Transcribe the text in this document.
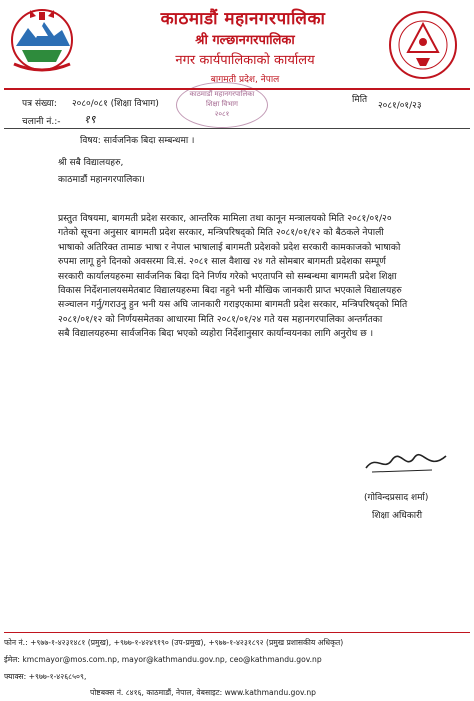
काठमाडौं महानगरपालिका
श्री गल्छानगरपालिका
नगर कार्यपालिकाको कार्यालय
बागमती प्रदेश, नेपाल
काठमाडौं महानगरपालिका
शिक्षा विभाग
२०८१
पत्र संख्या: २०८०/०८१ (शिक्षा विभाग)	मिति
२०८१/०१/२३
चलानी नं.:- १९
विषय: सार्वजनिक बिदा सम्बन्धमा ।
श्री सबै विद्यालयहरु,
काठमाडौं महानगरपालिका।
प्रस्तुत विषयमा, बागमती प्रदेश सरकार, आन्तरिक मामिला तथा कानून मन्त्रालयको मिति २०८१/०१/२०
गतेको सूचना अनुसार बागमती प्रदेश सरकार, मन्त्रिपरिषद्को मिति २०८१/०१/१२ को बैठकले नेपाली
भाषाको अतिरिक्त तामाङ भाषा र नेपाल भाषालाई बागमती प्रदेशको प्रदेश सरकारी कामकाजको भाषाको
रुपमा लागू हुने दिनको अवसरमा वि.सं. २०८१ साल वैशाख २४ गते सोमबार बागमती प्रदेशका सम्पूर्ण
सरकारी कार्यालयहरुमा सार्वजनिक बिदा दिने निर्णय गरेको भएतापनि सो सम्बन्धमा बागमती प्रदेश शिक्षा
विकास निर्देशनालयसमेतबाट विद्यालयहरुमा बिदा नहुने भनी मौखिक जानकारी प्राप्त भएकाले विद्यालयहरु
सञ्चालन गर्नु/गराउनु हुन भनी यस अघि जानकारी गराइएकामा बागमती प्रदेश सरकार, मन्त्रिपरिषद्को मिति
२०८१/०१/१२ को निर्णयसमेतका आधारमा मिति २०८१/०१/२४ गते यस महानगरपालिका अन्तर्गतका
सबै विद्यालयहरुमा सार्वजनिक बिदा भएको व्यहोरा निर्देशानुसार कार्यान्वयनका लागि अनुरोध छ ।
(गोविन्दप्रसाद शर्मा)
शिक्षा अधिकारी
फोन नं.: +९७७-१-४२३१४८१ (प्रमुख), +९७७-१-४२४९१९० (उप-प्रमुख), +९७७-१-४२३१८९२ (प्रमुख प्रशासकीय अधिकृत)
ईमेल: kmcmayor@mos.com.np, mayor@kathmandu.gov.np, ceo@kathmandu.gov.np
फ्याक्स: +९७७-१-४२६८५०९,
पोष्टबक्स नं. ८४१६, काठमाडौं, नेपाल, वेबसाइट: www.kathmandu.gov.np
